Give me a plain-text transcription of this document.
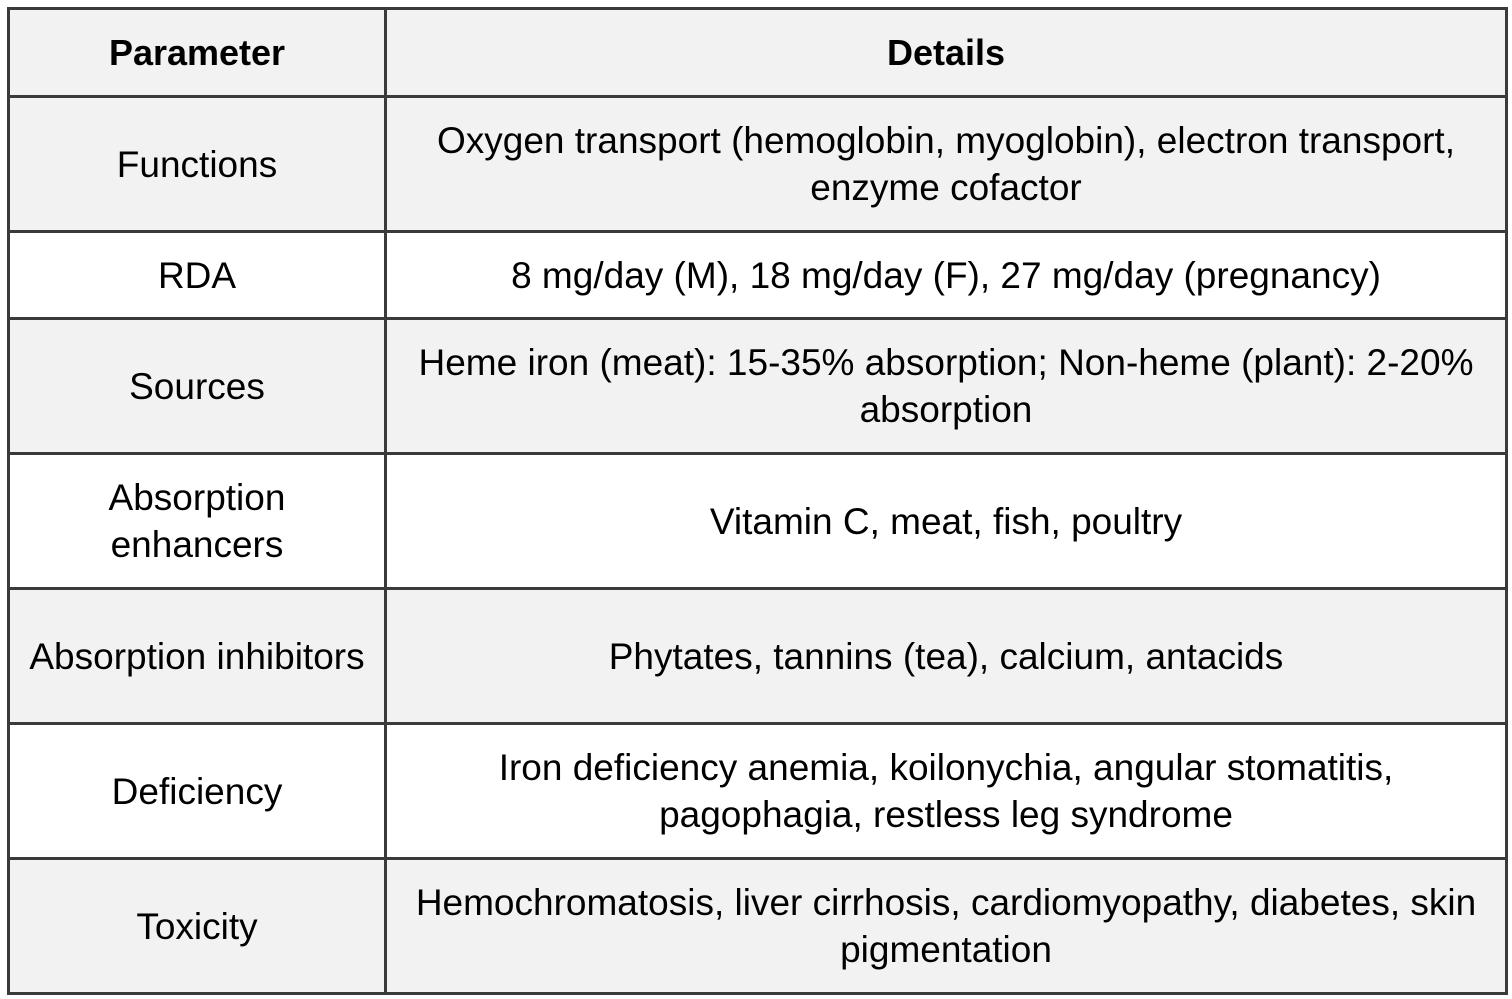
Parameter	Details
Functions	Oxygen transport (hemoglobin, myoglobin), electron transport, enzyme cofactor
RDA	8 mg/day (M), 18 mg/day (F), 27 mg/day (pregnancy)
Sources	Heme iron (meat): 15-35% absorption; Non-heme (plant): 2-20% absorption
Absorption enhancers	Vitamin C, meat, fish, poultry
Absorption inhibitors	Phytates, tannins (tea), calcium, antacids
Deficiency	Iron deficiency anemia, koilonychia, angular stomatitis, pagophagia, restless leg syndrome
Toxicity	Hemochromatosis, liver cirrhosis, cardiomyopathy, diabetes, skin pigmentation
